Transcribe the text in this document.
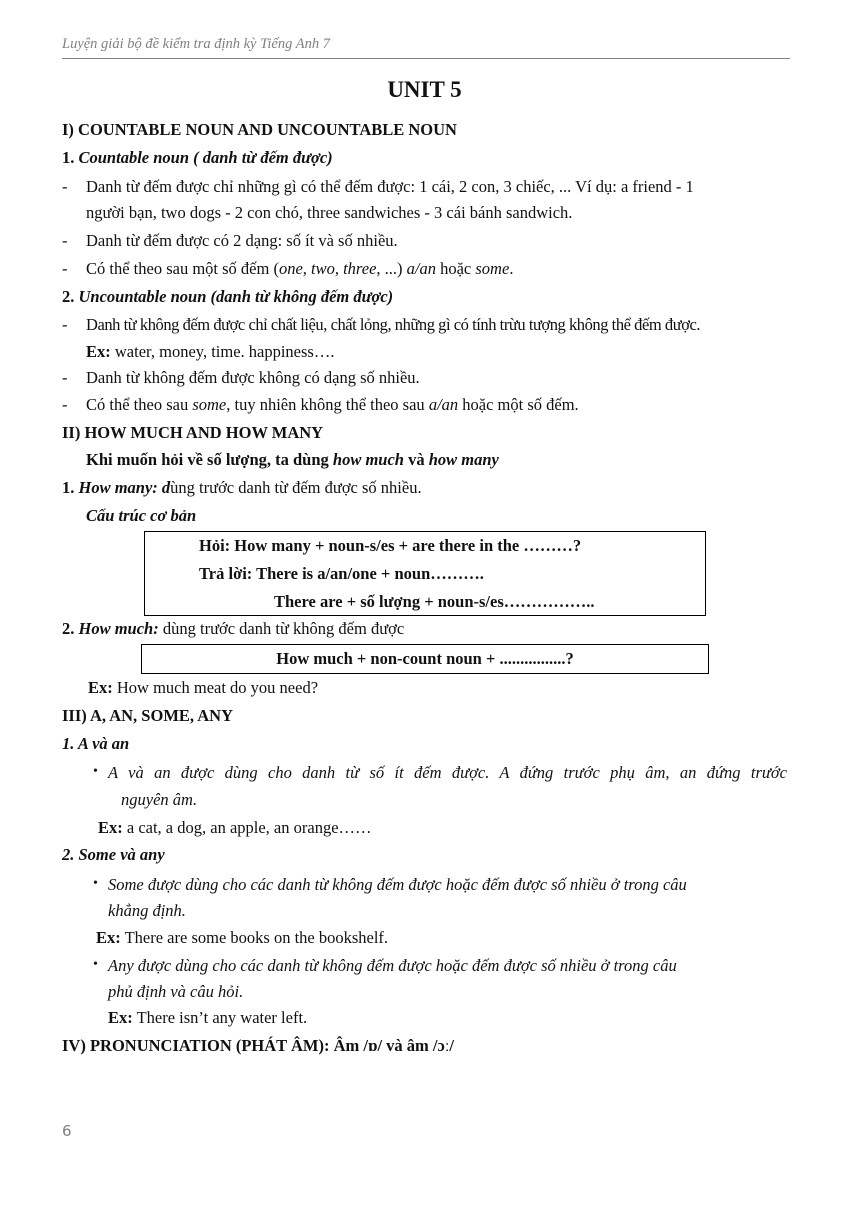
Luyện giải bộ đề kiểm tra định kỳ Tiếng Anh 7
UNIT 5
I) COUNTABLE NOUN AND UNCOUNTABLE NOUN
1. Countable noun ( danh từ đếm được)
- Danh từ đếm được chỉ những gì có thể đếm được: 1 cái, 2 con, 3 chiếc, ... Ví dụ: a friend - 1
người bạn, two dogs - 2 con chó, three sandwiches - 3 cái bánh sandwich.
- Danh từ đếm được có 2 dạng: số ít và số nhiều.
- Có thể theo sau một số đếm (one, two, three, ...) a/an hoặc some.
2. Uncountable noun (danh từ không đếm được)
- Danh từ không đếm được chỉ chất liệu, chất lỏng, những gì có tính trừu tượng không thể đếm được.
Ex: water, money, time. happiness….
- Danh từ không đếm được không có dạng số nhiều.
- Có thể theo sau some, tuy nhiên không thể theo sau a/an hoặc một số đếm.
II) HOW MUCH AND HOW MANY
Khi muốn hỏi về số lượng, ta dùng how much và how many
1. How many: dùng trước danh từ đếm được số nhiều.
Cấu trúc cơ bản
Hỏi: How many + noun-s/es + are there in the ………?
Trả lời: There is a/an/one + noun……….
There are + số lượng + noun-s/es……………..
2. How much: dùng trước danh từ không đếm được
How much + non-count noun + ................?
Ex: How much meat do you need?
III) A, AN, SOME, ANY
1. A và an
• A và an được dùng cho danh từ số ít đếm được. A đứng trước phụ âm, an đứng trước
nguyên âm.
Ex: a cat, a dog, an apple, an orange……
2. Some và any
• Some được dùng cho các danh từ không đếm được hoặc đếm được số nhiều ở trong câu
khẳng định.
Ex: There are some books on the bookshelf.
• Any được dùng cho các danh từ không đếm được hoặc đếm được số nhiều ở trong câu
phủ định và câu hỏi.
Ex: There isn’t any water left.
IV) PRONUNCIATION (PHÁT ÂM): Âm /ɒ/ và âm /ɔː/
6
